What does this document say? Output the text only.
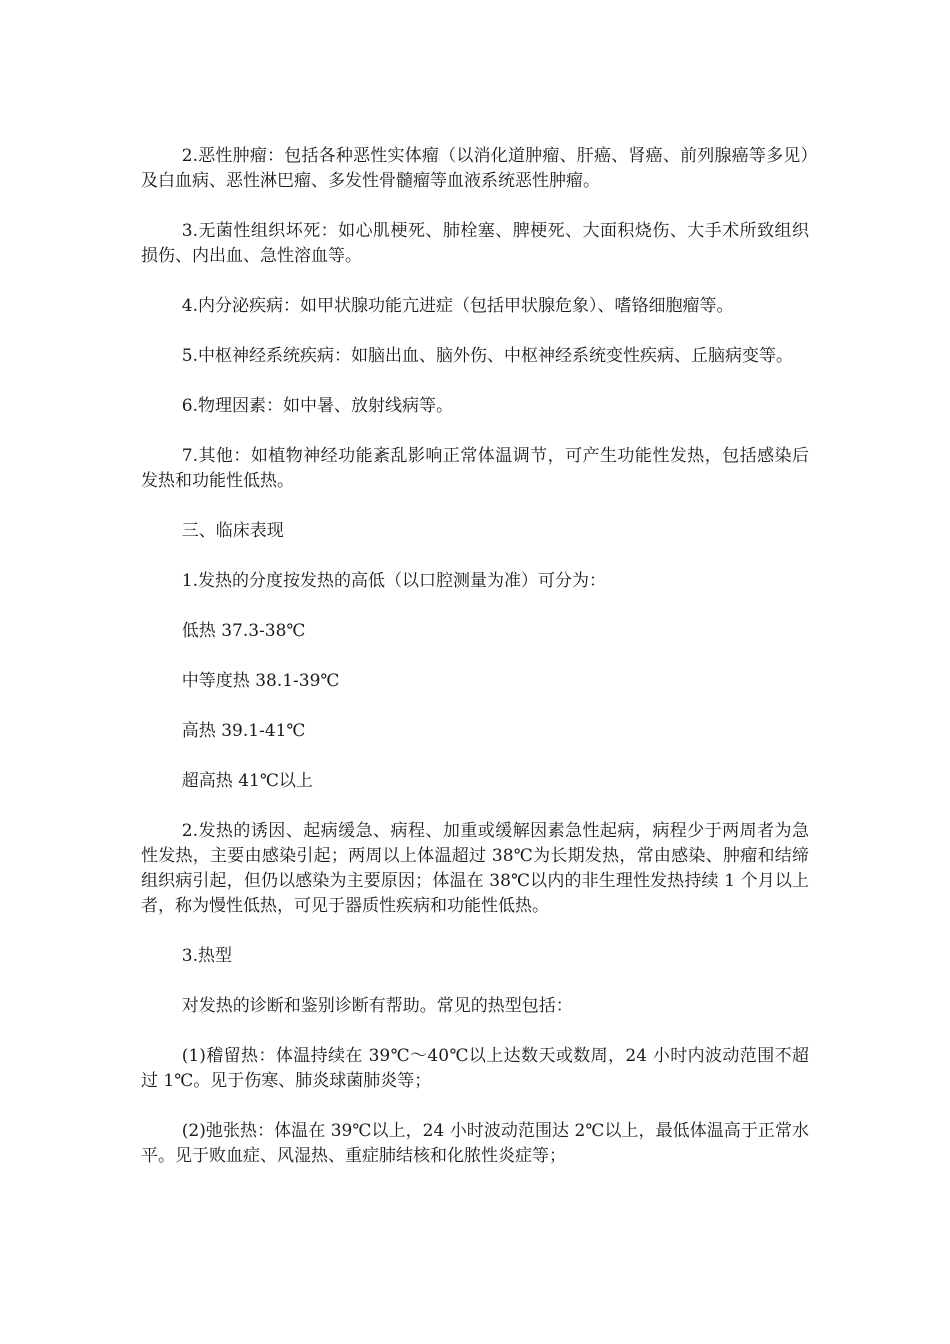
2.恶性肿瘤：包括各种恶性实体瘤（以消化道肿瘤、肝癌、肾癌、前列腺癌等多见）及白血病、恶性淋巴瘤、多发性骨髓瘤等血液系统恶性肿瘤。

3.无菌性组织坏死：如心肌梗死、肺栓塞、脾梗死、大面积烧伤、大手术所致组织损伤、内出血、急性溶血等。

4.内分泌疾病：如甲状腺功能亢进症（包括甲状腺危象）、嗜铬细胞瘤等。

5.中枢神经系统疾病：如脑出血、脑外伤、中枢神经系统变性疾病、丘脑病变等。

6.物理因素：如中暑、放射线病等。

7.其他：如植物神经功能紊乱影响正常体温调节，可产生功能性发热，包括感染后发热和功能性低热。

三、临床表现

1.发热的分度按发热的高低（以口腔测量为准）可分为：

低热 37.3-38℃

中等度热 38.1-39℃

高热 39.1-41℃

超高热 41℃以上

2.发热的诱因、起病缓急、病程、加重或缓解因素急性起病，病程少于两周者为急性发热，主要由感染引起；两周以上体温超过 38℃为长期发热，常由感染、肿瘤和结缔组织病引起，但仍以感染为主要原因；体温在 38℃以内的非生理性发热持续 1 个月以上者，称为慢性低热，可见于器质性疾病和功能性低热。

3.热型

对发热的诊断和鉴别诊断有帮助。常见的热型包括：

(1)稽留热：体温持续在 39℃～40℃以上达数天或数周，24 小时内波动范围不超过 1℃。见于伤寒、肺炎球菌肺炎等；

(2)弛张热：体温在 39℃以上，24 小时波动范围达 2℃以上，最低体温高于正常水平。见于败血症、风湿热、重症肺结核和化脓性炎症等；
